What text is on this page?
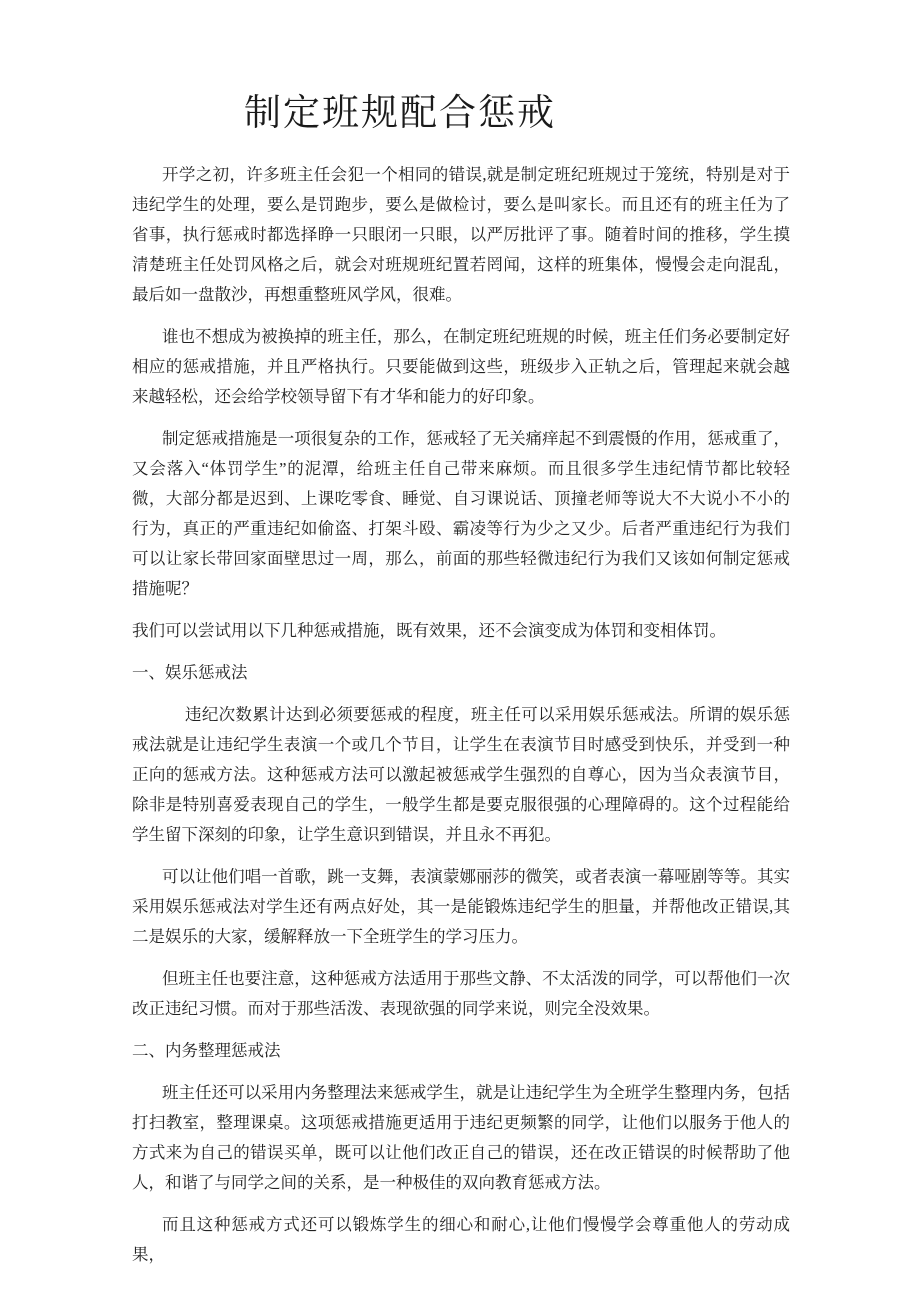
制定班规配合惩戒

开学之初，许多班主任会犯一个相同的错误,就是制定班纪班规过于笼统，特别是对于违纪学生的处理，要么是罚跑步，要么是做检讨，要么是叫家长。而且还有的班主任为了省事，执行惩戒时都选择睁一只眼闭一只眼，以严厉批评了事。随着时间的推移，学生摸清楚班主任处罚风格之后，就会对班规班纪置若罔闻，这样的班集体，慢慢会走向混乱，最后如一盘散沙，再想重整班风学风，很难。

谁也不想成为被换掉的班主任，那么，在制定班纪班规的时候，班主任们务必要制定好相应的惩戒措施，并且严格执行。只要能做到这些，班级步入正轨之后，管理起来就会越来越轻松，还会给学校领导留下有才华和能力的好印象。

制定惩戒措施是一项很复杂的工作，惩戒轻了无关痛痒起不到震慑的作用，惩戒重了，又会落入“体罚学生”的泥潭，给班主任自己带来麻烦。而且很多学生违纪情节都比较轻微，大部分都是迟到、上课吃零食、睡觉、自习课说话、顶撞老师等说大不大说小不小的行为，真正的严重违纪如偷盗、打架斗殴、霸凌等行为少之又少。后者严重违纪行为我们可以让家长带回家面壁思过一周，那么，前面的那些轻微违纪行为我们又该如何制定惩戒措施呢？

我们可以尝试用以下几种惩戒措施，既有效果，还不会演变成为体罚和变相体罚。

一、娱乐惩戒法

违纪次数累计达到必须要惩戒的程度，班主任可以采用娱乐惩戒法。所谓的娱乐惩戒法就是让违纪学生表演一个或几个节目，让学生在表演节目时感受到快乐，并受到一种正向的惩戒方法。这种惩戒方法可以激起被惩戒学生强烈的自尊心，因为当众表演节目，除非是特别喜爱表现自己的学生，一般学生都是要克服很强的心理障碍的。这个过程能给学生留下深刻的印象，让学生意识到错误，并且永不再犯。

可以让他们唱一首歌，跳一支舞，表演蒙娜丽莎的微笑，或者表演一幕哑剧等等。其实采用娱乐惩戒法对学生还有两点好处，其一是能锻炼违纪学生的胆量，并帮他改正错误,其二是娱乐的大家，缓解释放一下全班学生的学习压力。

但班主任也要注意，这种惩戒方法适用于那些文静、不太活泼的同学，可以帮他们一次改正违纪习惯。而对于那些活泼、表现欲强的同学来说，则完全没效果。

二、内务整理惩戒法

班主任还可以采用内务整理法来惩戒学生，就是让违纪学生为全班学生整理内务，包括打扫教室，整理课桌。这项惩戒措施更适用于违纪更频繁的同学，让他们以服务于他人的方式来为自己的错误买单，既可以让他们改正自己的错误，还在改正错误的时候帮助了他人，和谐了与同学之间的关系，是一种极佳的双向教育惩戒方法。

而且这种惩戒方式还可以锻炼学生的细心和耐心,让他们慢慢学会尊重他人的劳动成果，
